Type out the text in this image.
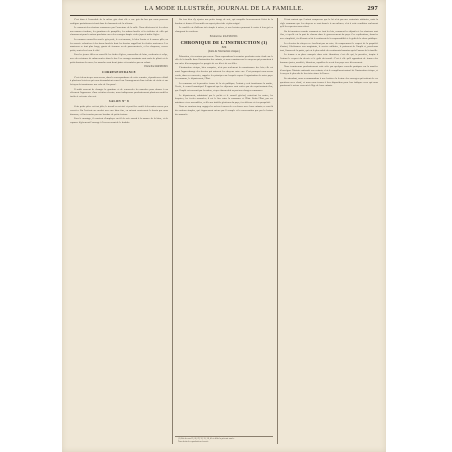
LA MODE ILLUSTRÉE, JOURNAL DE LA FAMILLE.	297

C'est dans à l'ensemble de la même gris dont elle a vue gris du bas que nous pouvons souligner parfaitement réussi dans les harmonies de la réforme.

Le moment des réunions commence par l'ouverture de la salle. Nous décrivons ici les robes aux nuances fondues, les garnitures de pampilles, les rubans brodés et les toilettes de ville qui s'annoncent pour la saison prochaine avec des corsages drapés et des jupes à traîne légère.

Les nuances nouvelles sont le gris perle, le vert mousse, le bleu Louise et le mauve pâle; on les associe volontiers à des tissus brochés dont les dessins rappellent les étoffes anciennes. Les manteaux se font plus longs, garnis de fourrure ou de passementerie, et les chapeaux, encore petits, sont relevés sur le côté.

Pour les jeunes filles on conseille les étoffes légères, mousseline de laine, cachemire et crêpe, avec des ceintures de ruban nouées dans le dos. Les corsages montants sont ornés de plissés et de petits boutons de nacre; les manches sont demi-justes et terminées par un volant.

Emmeline RAYMOND.

CORRESPONDANCE

C'est à dessein que nous avons, dans la correspondance de cette semaine, répondu avec détail à plusieurs lectrices qui nous demandaient conseil sur l'arrangement d'une toilette de visite et sur la façon de transformer une robe de l'an passé.

Il suffit souvent de changer la garniture et de renouveler les manches pour donner à un vêtement l'apparence d'une création récente; nous indiquerons prochainement plusieurs modèles faciles à exécuter chez soi.

SALON Nº 8

Cette petite pièce est fort jolie; le travail en est aisé et peut être confié à des mains encore peu exercées. On l'exécute au crochet avec une laine fine, en suivant exactement le dessin que nous donnons, et l'on termine par une bordure de petits festons.

Pour le montage, il convient d'employer un fil de soie assorti à la nuance de la laine, et de repasser légèrement l'ouvrage à l'envers avant de le doubler.

On fera bien d'y ajouter une petite frange de soie, qui complète heureusement l'effet de la bordure et donne à l'ensemble un aspect plus riche et plus soigné.

Le modèle est d'ailleurs très simple à suivre, et nos lectrices pourront le varier à leur gré en changeant les couleurs.

Emmeline RAYMOND.

CHRONIQUE DE L'INSTRUCTION (1)
XX
(Suite de l'instruction civique.)

Éducation, n'en sortons pas encore. Nous reprendrons la semaine prochaine notre étude sur le rôle de la famille dans l'instruction des enfants, et nous examinerons les moyens qui permettent à une mère d'accompagner les progrès de ses fils et de ses filles.

L'instruction civique, bien comprise, n'est pas seulement la connaissance des lois; elle est aussi l'apprentissage des devoirs qui unissent les citoyens entre eux. C'est pourquoi nous avons voulu, dans ces causeries, rappeler les principes sur lesquels repose l'organisation de notre pays: la commune, le département, l'État.

La commune est la première forme de la vie publique; l'enfant y voit fonctionner la mairie, l'école, le conseil municipal. Il apprend que les dépenses sont votées par des représentants élus, que l'impôt est consenti par la nation, et que chacun doit sa part aux charges communes.

Le département, administré par le préfet et le conseil général, entretient les routes, les hospices, les écoles normales; il est le lien entre la commune et l'État. Enfin l'État, par ses ministres et ses assemblées, veille aux intérêts généraux du pays, à sa défense et à sa prospérité.

Nous ne saurions trop engager les mères à causer de ces choses avec leurs enfants; ce sont là des notions simples, qui s'apprennent mieux par l'exemple et la conversation que par la lecture des manuels.

(1) Voir les nos 23, 26, 29, 32, 35, 38, 41 et 44 de la présente année.

Tous droits de reproduction réservés.

Il faut surtout que l'enfant comprenne que la loi n'est pas une contrainte arbitraire, mais la règle commune que les citoyens se sont donnée à eux-mêmes; c'est à cette condition seulement qu'il la respectera sans effort.

On lui montrera ensuite comment se font les lois, comment les députés et les sénateurs sont élus, et quelle est la part de chacun dans le gouvernement du pays. Ces explications, données avec simplicité, éveilleront en lui le sentiment de la responsabilité et le goût de la chose publique.

Les devoirs du citoyen ne s'arrêtent pas au vote; ils comprennent le respect de la propriété d'autrui, l'obéissance aux magistrats, le service militaire, le paiement de l'impôt et, par-dessus tout, l'amour de la patrie, qui est le plus noble des sentiments humains après l'amour de la famille.

La femme a sa place marquée dans cette éducation; c'est elle qui, la première, inspire à l'enfant le respect du devoir et le goût du travail. C'est à elle qu'il appartient de former des hommes justes, modérés, laborieux, capables de servir leur pays avec dévouement.

Nous terminerons prochainement cette série par quelques conseils pratiques sur la manière d'enseigner l'histoire nationale aux enfants; c'est le complément naturel de l'instruction civique, et le moyen le plus sûr de leur faire aimer la France.

En attendant, nous recommandons à nos lectrices la lecture des ouvrages qui traitent de ces questions avec clarté, et nous nous tenons à leur disposition pour leur indiquer ceux qui nous paraissent le mieux convenir à l'âge de leurs enfants.
